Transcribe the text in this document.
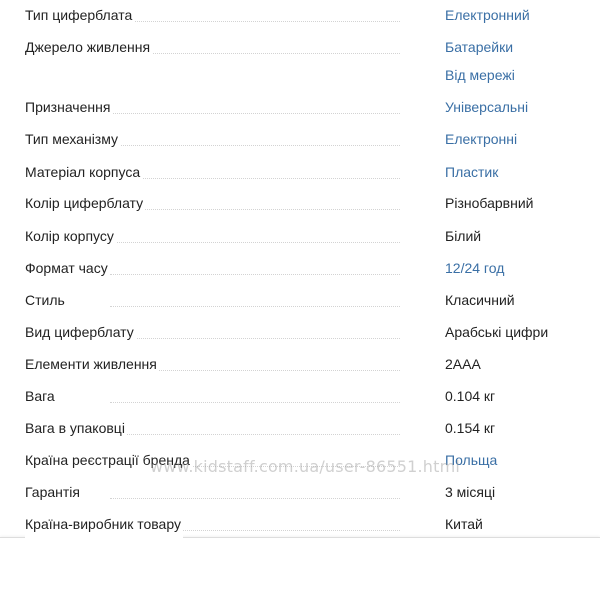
Тип циферблата	Електронний
Джерело живлення	Батарейки
Від мережі
Призначення	Універсальні
Тип механізму	Електронні
Матеріал корпуса	Пластик
Колір циферблату	Різнобарвний
Колір корпусу	Білий
Формат часу	12/24 год
Стиль	Класичний
Вид циферблату	Арабські цифри
Елементи живлення	2ААА
Вага	0.104 кг
Вага в упаковці	0.154 кг
Країна реєстрації бренда	Польща
Гарантія	3 місяці
Країна-виробник товару	Китай
www.kidstaff.com.ua/user-86551.html
